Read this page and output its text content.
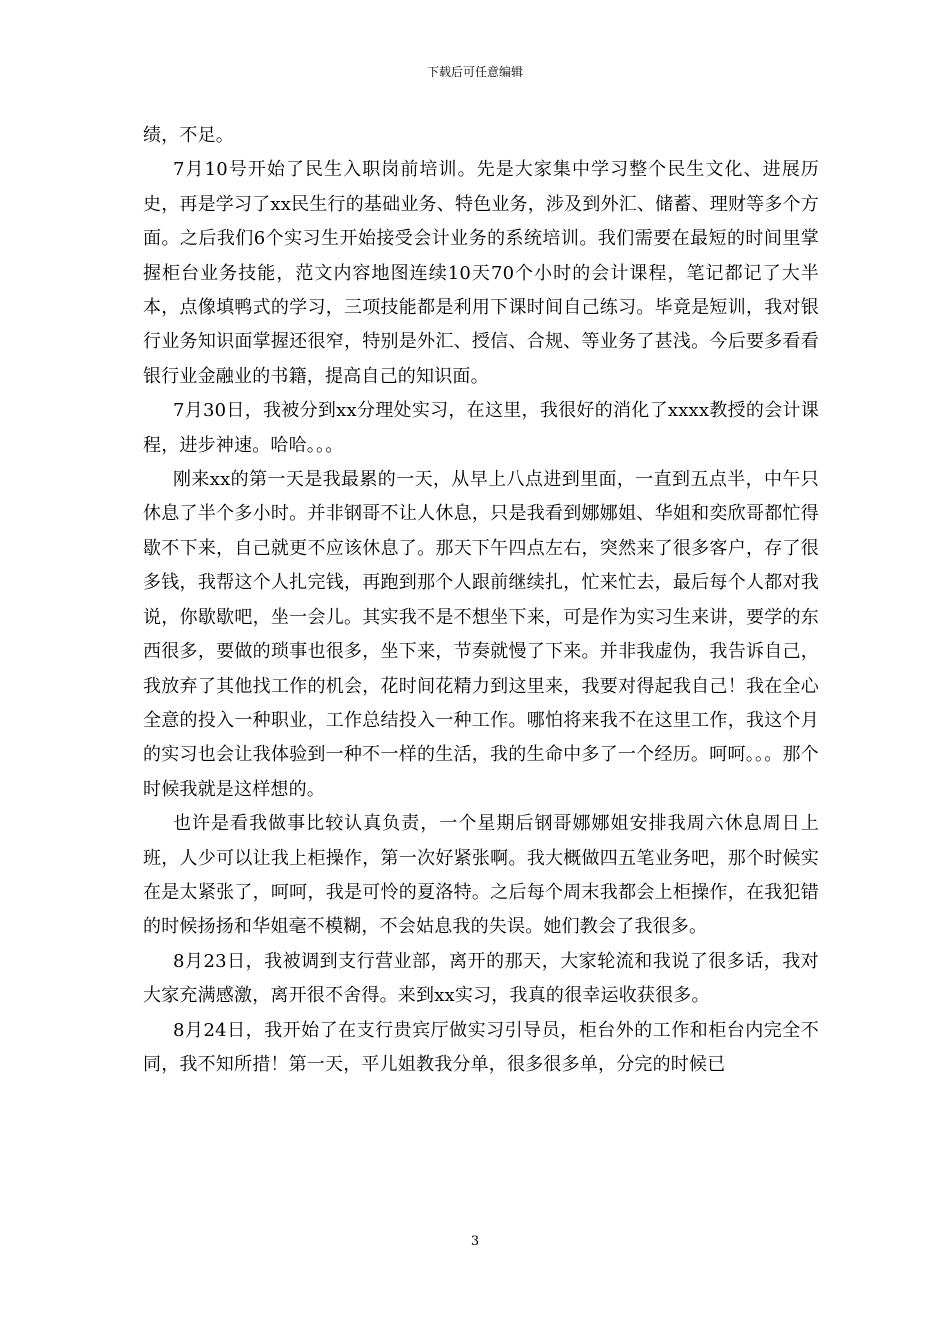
下载后可任意编辑

绩，不足。

7月10号开始了民生入职岗前培训。先是大家集中学习整个民生文化、进展历史，再是学习了xx民生行的基础业务、特色业务，涉及到外汇、储蓄、理财等多个方面。之后我们6个实习生开始接受会计业务的系统培训。我们需要在最短的时间里掌握柜台业务技能，范文内容地图连续10天70个小时的会计课程，笔记都记了大半本，点像填鸭式的学习，三项技能都是利用下课时间自己练习。毕竟是短训，我对银行业务知识面掌握还很窄，特别是外汇、授信、合规、等业务了甚浅。今后要多看看银行业金融业的书籍，提高自己的知识面。

7月30日，我被分到xx分理处实习，在这里，我很好的消化了xxxx教授的会计课程，进步神速。哈哈。。。

刚来xx的第一天是我最累的一天，从早上八点进到里面，一直到五点半，中午只休息了半个多小时。并非钢哥不让人休息，只是我看到娜娜姐、华姐和奕欣哥都忙得歇不下来，自己就更不应该休息了。那天下午四点左右，突然来了很多客户，存了很多钱，我帮这个人扎完钱，再跑到那个人跟前继续扎，忙来忙去，最后每个人都对我说，你歇歇吧，坐一会儿。其实我不是不想坐下来，可是作为实习生来讲，要学的东西很多，要做的琐事也很多，坐下来，节奏就慢了下来。并非我虚伪，我告诉自己，我放弃了其他找工作的机会，花时间花精力到这里来，我要对得起我自己！我在全心全意的投入一种职业，工作总结投入一种工作。哪怕将来我不在这里工作，我这个月的实习也会让我体验到一种不一样的生活，我的生命中多了一个经历。呵呵。。。那个时候我就是这样想的。

也许是看我做事比较认真负责，一个星期后钢哥娜娜姐安排我周六休息周日上班，人少可以让我上柜操作，第一次好紧张啊。我大概做四五笔业务吧，那个时候实在是太紧张了，呵呵，我是可怜的夏洛特。之后每个周末我都会上柜操作，在我犯错的时候扬扬和华姐毫不模糊，不会姑息我的失误。她们教会了我很多。

8月23日，我被调到支行营业部，离开的那天，大家轮流和我说了很多话，我对大家充满感激，离开很不舍得。来到xx实习，我真的很幸运收获很多。

8月24日，我开始了在支行贵宾厅做实习引导员，柜台外的工作和柜台内完全不同，我不知所措！第一天，平儿姐教我分单，很多很多单，分完的时候已

3
